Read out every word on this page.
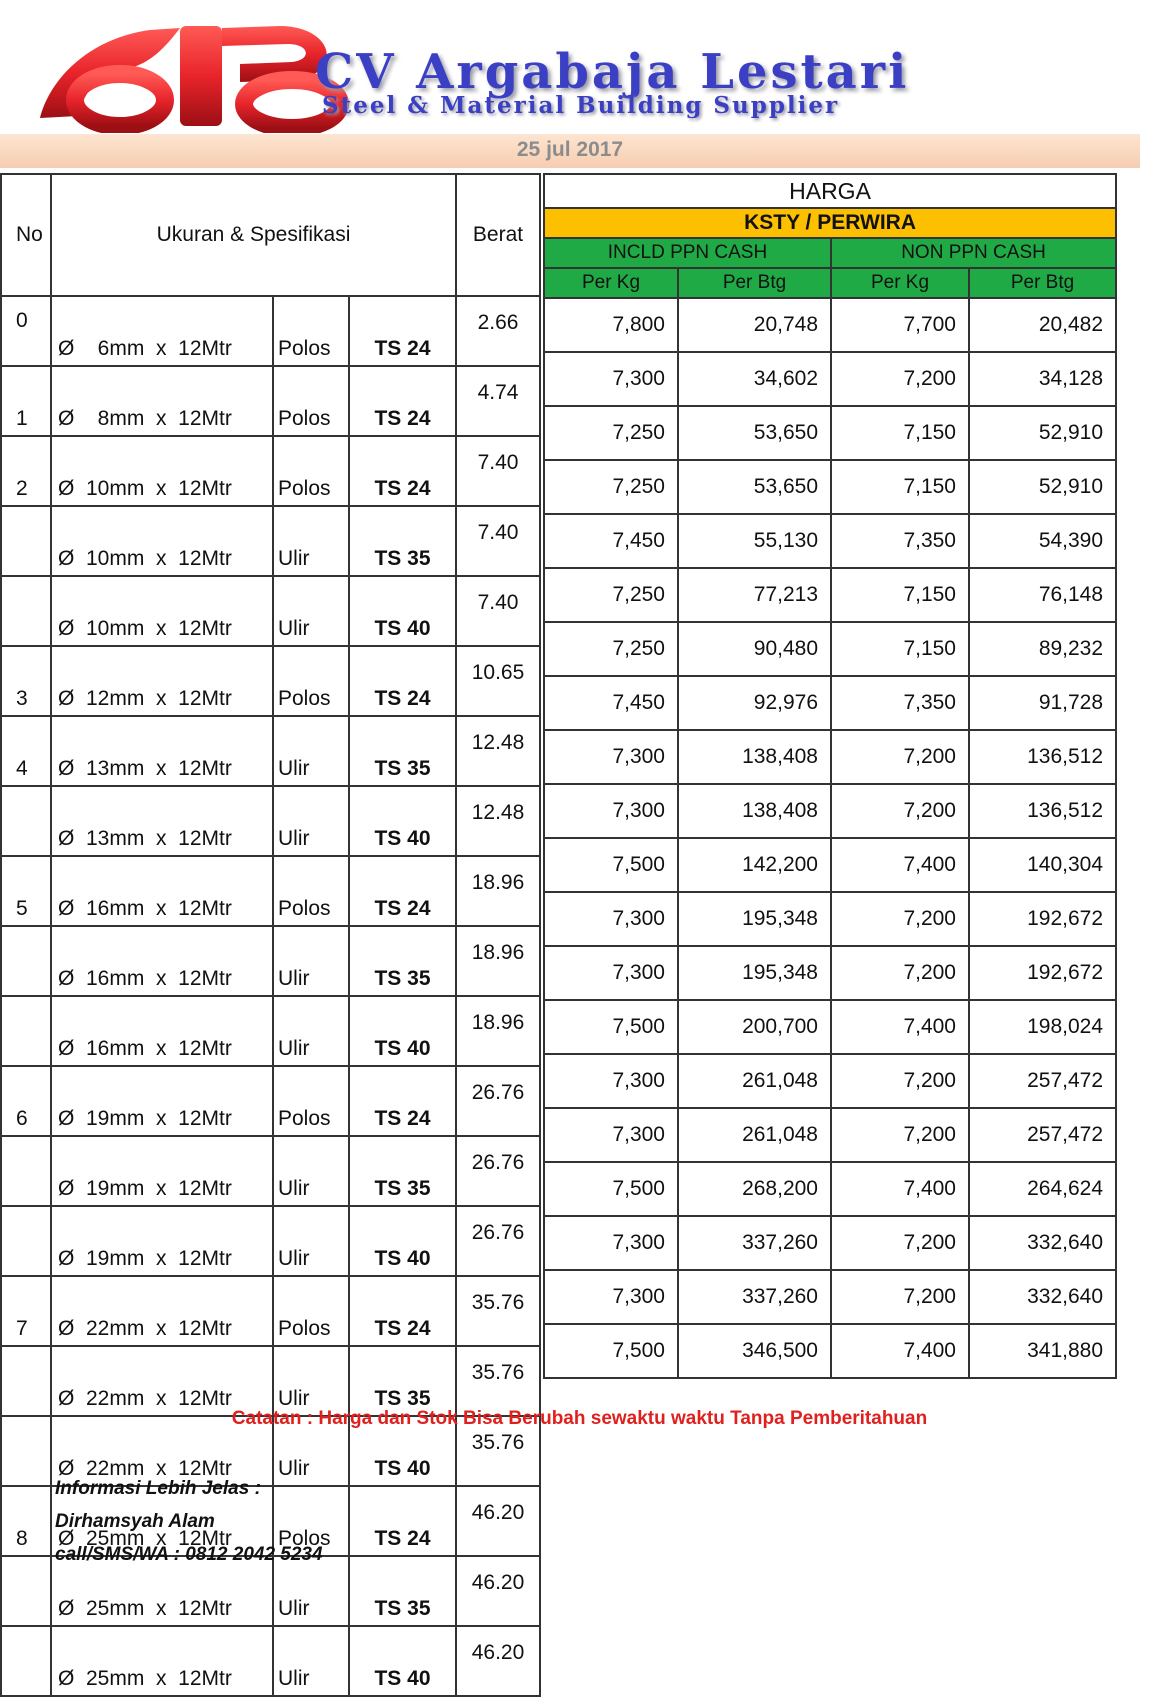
CV Argabaja Lestari
Steel & Material Building Supplier
25 jul 2017
No	Ukuran & Spesifikasi			Berat
0	Ø    6mm  x  12Mtr	Polos	TS 24	2.66
1	Ø    8mm  x  12Mtr	Polos	TS 24	4.74
2	Ø  10mm  x  12Mtr	Polos	TS 24	7.40
	Ø  10mm  x  12Mtr	Ulir	TS 35	7.40
	Ø  10mm  x  12Mtr	Ulir	TS 40	7.40
3	Ø  12mm  x  12Mtr	Polos	TS 24	10.65
4	Ø  13mm  x  12Mtr	Ulir	TS 35	12.48
	Ø  13mm  x  12Mtr	Ulir	TS 40	12.48
5	Ø  16mm  x  12Mtr	Polos	TS 24	18.96
	Ø  16mm  x  12Mtr	Ulir	TS 35	18.96
	Ø  16mm  x  12Mtr	Ulir	TS 40	18.96
6	Ø  19mm  x  12Mtr	Polos	TS 24	26.76
	Ø  19mm  x  12Mtr	Ulir	TS 35	26.76
	Ø  19mm  x  12Mtr	Ulir	TS 40	26.76
7	Ø  22mm  x  12Mtr	Polos	TS 24	35.76
	Ø  22mm  x  12Mtr	Ulir	TS 35	35.76
	Ø  22mm  x  12Mtr	Ulir	TS 40	35.76
8	Ø  25mm  x  12Mtr	Polos	TS 24	46.20
	Ø  25mm  x  12Mtr	Ulir	TS 35	46.20
	Ø  25mm  x  12Mtr	Ulir	TS 40	46.20
HARGA			
KSTY / PERWIRA			
INCLD PPN CASH		NON PPN CASH	
Per Kg	Per Btg	Per Kg	Per Btg
7,800	20,748	7,700	20,482
7,300	34,602	7,200	34,128
7,250	53,650	7,150	52,910
7,250	53,650	7,150	52,910
7,450	55,130	7,350	54,390
7,250	77,213	7,150	76,148
7,250	90,480	7,150	89,232
7,450	92,976	7,350	91,728
7,300	138,408	7,200	136,512
7,300	138,408	7,200	136,512
7,500	142,200	7,400	140,304
7,300	195,348	7,200	192,672
7,300	195,348	7,200	192,672
7,500	200,700	7,400	198,024
7,300	261,048	7,200	257,472
7,300	261,048	7,200	257,472
7,500	268,200	7,400	264,624
7,300	337,260	7,200	332,640
7,300	337,260	7,200	332,640
7,500	346,500	7,400	341,880
Catatan : Harga dan Stok Bisa Berubah sewaktu waktu Tanpa Pemberitahuan
Informasi Lebih Jelas :
Dirhamsyah Alam
call/SMS/WA : 0812 2042 5234
